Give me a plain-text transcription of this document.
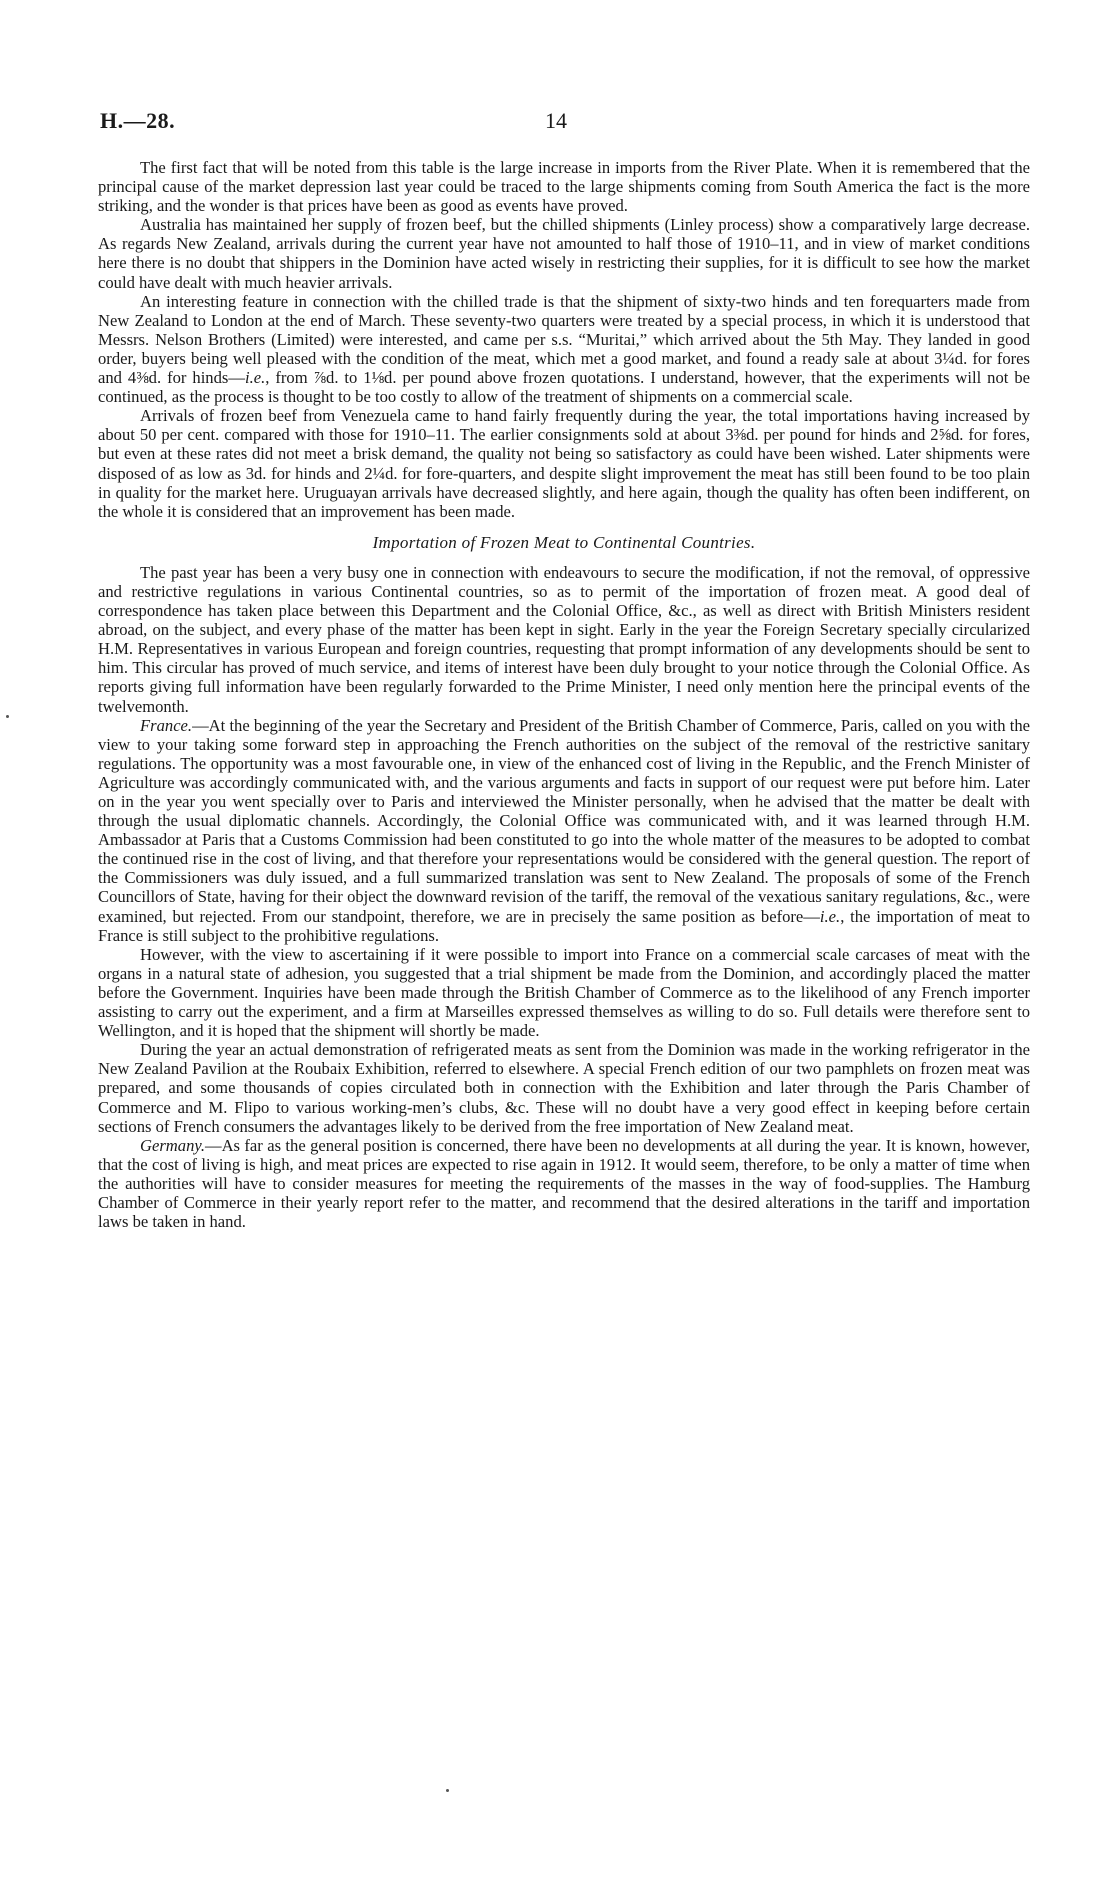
H.—28.	14

The first fact that will be noted from this table is the large increase in imports from the River Plate. When it is remembered that the principal cause of the market depression last year could be traced to the large shipments coming from South America the fact is the more striking, and the wonder is that prices have been as good as events have proved.

Australia has maintained her supply of frozen beef, but the chilled shipments (Linley process) show a comparatively large decrease. As regards New Zealand, arrivals during the current year have not amounted to half those of 1910–11, and in view of market conditions here there is no doubt that shippers in the Dominion have acted wisely in restricting their supplies, for it is difficult to see how the market could have dealt with much heavier arrivals.

An interesting feature in connection with the chilled trade is that the shipment of sixty-two hinds and ten forequarters made from New Zealand to London at the end of March. These seventy-two quarters were treated by a special process, in which it is understood that Messrs. Nelson Brothers (Limited) were interested, and came per s.s. “Muritai,” which arrived about the 5th May. They landed in good order, buyers being well pleased with the condition of the meat, which met a good market, and found a ready sale at about 3¼d. for fores and 4⅜d. for hinds—i.e., from ⅞d. to 1⅛d. per pound above frozen quotations. I understand, however, that the experiments will not be continued, as the process is thought to be too costly to allow of the treatment of shipments on a commercial scale.

Arrivals of frozen beef from Venezuela came to hand fairly frequently during the year, the total importations having increased by about 50 per cent. compared with those for 1910–11. The earlier consignments sold at about 3⅜d. per pound for hinds and 2⅝d. for fores, but even at these rates did not meet a brisk demand, the quality not being so satisfactory as could have been wished. Later shipments were disposed of as low as 3d. for hinds and 2¼d. for fore-quarters, and despite slight improvement the meat has still been found to be too plain in quality for the market here. Uruguayan arrivals have decreased slightly, and here again, though the quality has often been indifferent, on the whole it is considered that an improvement has been made.

Importation of Frozen Meat to Continental Countries.

The past year has been a very busy one in connection with endeavours to secure the modification, if not the removal, of oppressive and restrictive regulations in various Continental countries, so as to permit of the importation of frozen meat. A good deal of correspondence has taken place between this Department and the Colonial Office, &c., as well as direct with British Ministers resident abroad, on the subject, and every phase of the matter has been kept in sight. Early in the year the Foreign Secretary specially circularized H.M. Representatives in various European and foreign countries, requesting that prompt information of any developments should be sent to him. This circular has proved of much service, and items of interest have been duly brought to your notice through the Colonial Office. As reports giving full information have been regularly forwarded to the Prime Minister, I need only mention here the principal events of the twelvemonth.

France.—At the beginning of the year the Secretary and President of the British Chamber of Commerce, Paris, called on you with the view to your taking some forward step in approaching the French authorities on the subject of the removal of the restrictive sanitary regulations. The opportunity was a most favourable one, in view of the enhanced cost of living in the Republic, and the French Minister of Agriculture was accordingly communicated with, and the various arguments and facts in support of our request were put before him. Later on in the year you went specially over to Paris and interviewed the Minister personally, when he advised that the matter be dealt with through the usual diplomatic channels. Accordingly, the Colonial Office was communicated with, and it was learned through H.M. Ambassador at Paris that a Customs Commission had been constituted to go into the whole matter of the measures to be adopted to combat the continued rise in the cost of living, and that therefore your representations would be considered with the general question. The report of the Commissioners was duly issued, and a full summarized translation was sent to New Zealand. The proposals of some of the French Councillors of State, having for their object the downward revision of the tariff, the removal of the vexatious sanitary regulations, &c., were examined, but rejected. From our standpoint, therefore, we are in precisely the same position as before—i.e., the importation of meat to France is still subject to the prohibitive regulations.

However, with the view to ascertaining if it were possible to import into France on a commercial scale carcases of meat with the organs in a natural state of adhesion, you suggested that a trial shipment be made from the Dominion, and accordingly placed the matter before the Government. Inquiries have been made through the British Chamber of Commerce as to the likelihood of any French importer assisting to carry out the experiment, and a firm at Marseilles expressed themselves as willing to do so. Full details were therefore sent to Wellington, and it is hoped that the shipment will shortly be made.

During the year an actual demonstration of refrigerated meats as sent from the Dominion was made in the working refrigerator in the New Zealand Pavilion at the Roubaix Exhibition, referred to elsewhere. A special French edition of our two pamphlets on frozen meat was prepared, and some thousands of copies circulated both in connection with the Exhibition and later through the Paris Chamber of Commerce and M. Flipo to various working-men’s clubs, &c. These will no doubt have a very good effect in keeping before certain sections of French consumers the advantages likely to be derived from the free importation of New Zealand meat.

Germany.—As far as the general position is concerned, there have been no developments at all during the year. It is known, however, that the cost of living is high, and meat prices are expected to rise again in 1912. It would seem, therefore, to be only a matter of time when the authorities will have to consider measures for meeting the requirements of the masses in the way of food-supplies. The Hamburg Chamber of Commerce in their yearly report refer to the matter, and recommend that the desired alterations in the tariff and importation laws be taken in hand.
